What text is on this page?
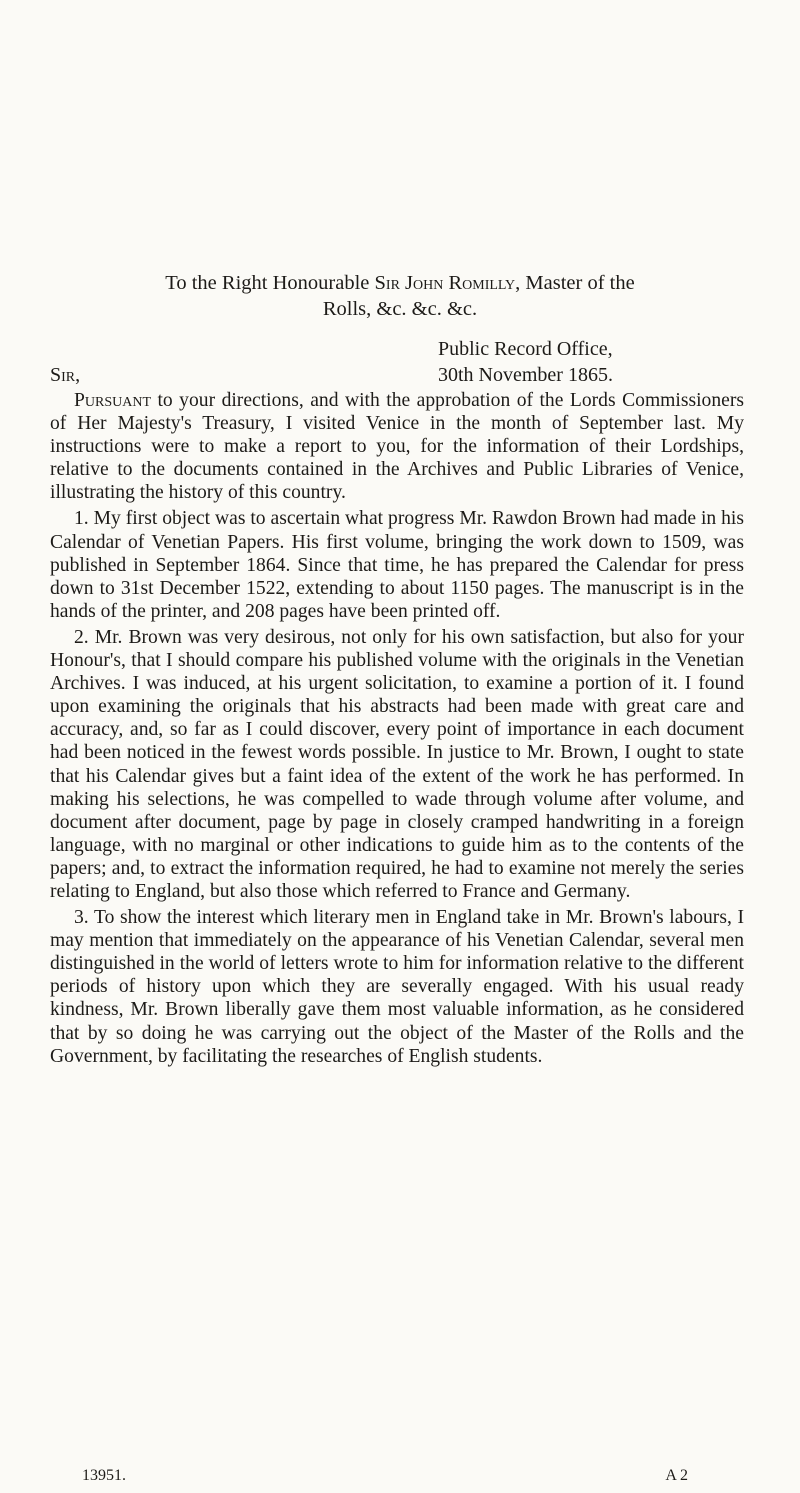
To the Right Honourable Sir John Romilly, Master of the
Rolls, &c. &c. &c.
Public Record Office,
Sir,	30th November 1865.

Pursuant to your directions, and with the approbation of the Lords Commissioners of Her Majesty's Treasury, I visited Venice in the month of September last. My instructions were to make a report to you, for the information of their Lordships, relative to the documents contained in the Archives and Public Libraries of Venice, illustrating the history of this country.

1. My first object was to ascertain what progress Mr. Rawdon Brown had made in his Calendar of Venetian Papers. His first volume, bringing the work down to 1509, was published in September 1864. Since that time, he has prepared the Calendar for press down to 31st December 1522, extending to about 1150 pages. The manuscript is in the hands of the printer, and 208 pages have been printed off.

2. Mr. Brown was very desirous, not only for his own satisfaction, but also for your Honour's, that I should compare his published volume with the originals in the Venetian Archives. I was induced, at his urgent solicitation, to examine a portion of it. I found upon examining the originals that his abstracts had been made with great care and accuracy, and, so far as I could discover, every point of importance in each document had been noticed in the fewest words possible. In justice to Mr. Brown, I ought to state that his Calendar gives but a faint idea of the extent of the work he has performed. In making his selections, he was compelled to wade through volume after volume, and document after document, page by page in closely cramped handwriting in a foreign language, with no marginal or other indications to guide him as to the contents of the papers; and, to extract the information required, he had to examine not merely the series relating to England, but also those which referred to France and Germany.

3. To show the interest which literary men in England take in Mr. Brown's labours, I may mention that immediately on the appearance of his Venetian Calendar, several men distinguished in the world of letters wrote to him for information relative to the different periods of history upon which they are severally engaged. With his usual ready kindness, Mr. Brown liberally gave them most valuable information, as he considered that by so doing he was carrying out the object of the Master of the Rolls and the Government, by facilitating the researches of English students.

13951.	A 2
